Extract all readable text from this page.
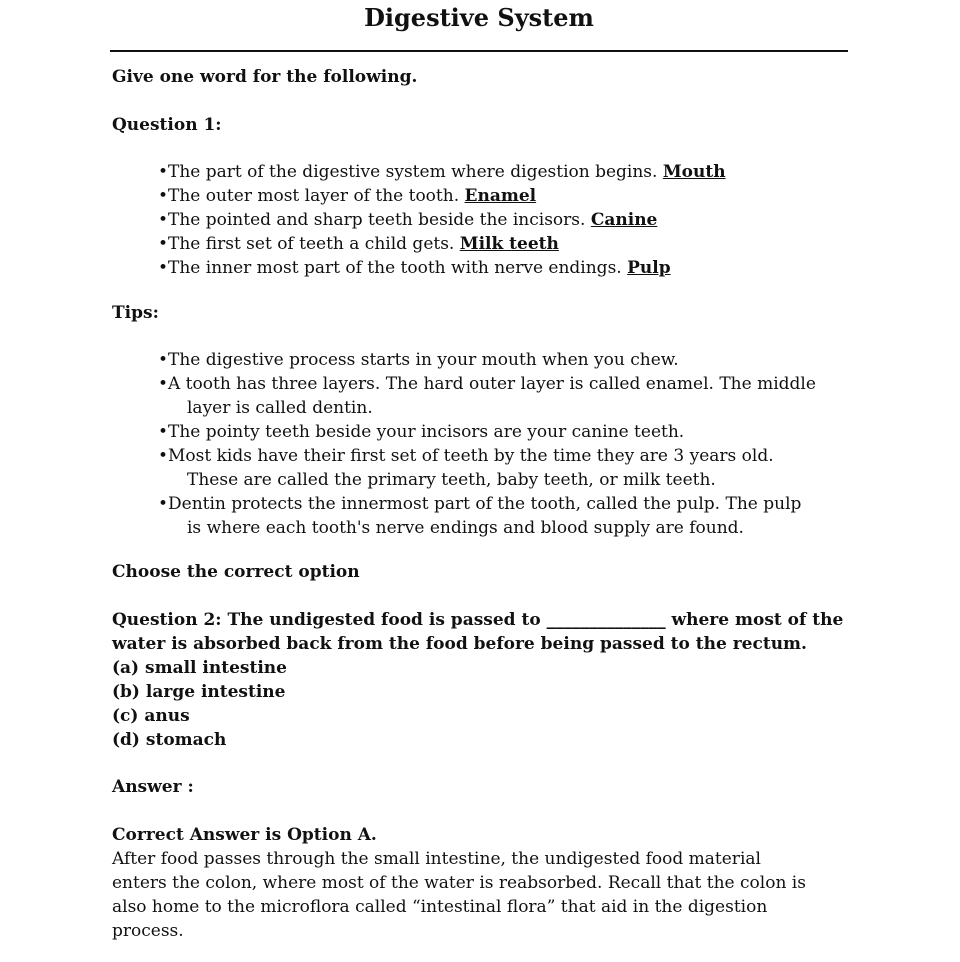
Digestive System
Give one word for the following.
Question 1:
• The part of the digestive system where digestion begins. Mouth
• The outer most layer of the tooth. Enamel
• The pointed and sharp teeth beside the incisors. Canine
• The first set of teeth a child gets. Milk teeth
• The inner most part of the tooth with nerve endings. Pulp
Tips:
• The digestive process starts in your mouth when you chew.
• A tooth has three layers. The hard outer layer is called enamel. The middle
layer is called dentin.
• The pointy teeth beside your incisors are your canine teeth.
• Most kids have their first set of teeth by the time they are 3 years old.
These are called the primary teeth, baby teeth, or milk teeth.
• Dentin protects the innermost part of the tooth, called the pulp. The pulp
is where each tooth's nerve endings and blood supply are found.
Choose the correct option
Question 2: The undigested food is passed to ______________ where most of the
water is absorbed back from the food before being passed to the rectum.
(a) small intestine
(b) large intestine
(c) anus
(d) stomach
Answer :
Correct Answer is Option A.
After food passes through the small intestine, the undigested food material
enters the colon, where most of the water is reabsorbed. Recall that the colon is
also home to the microflora called “intestinal flora” that aid in the digestion
process.
